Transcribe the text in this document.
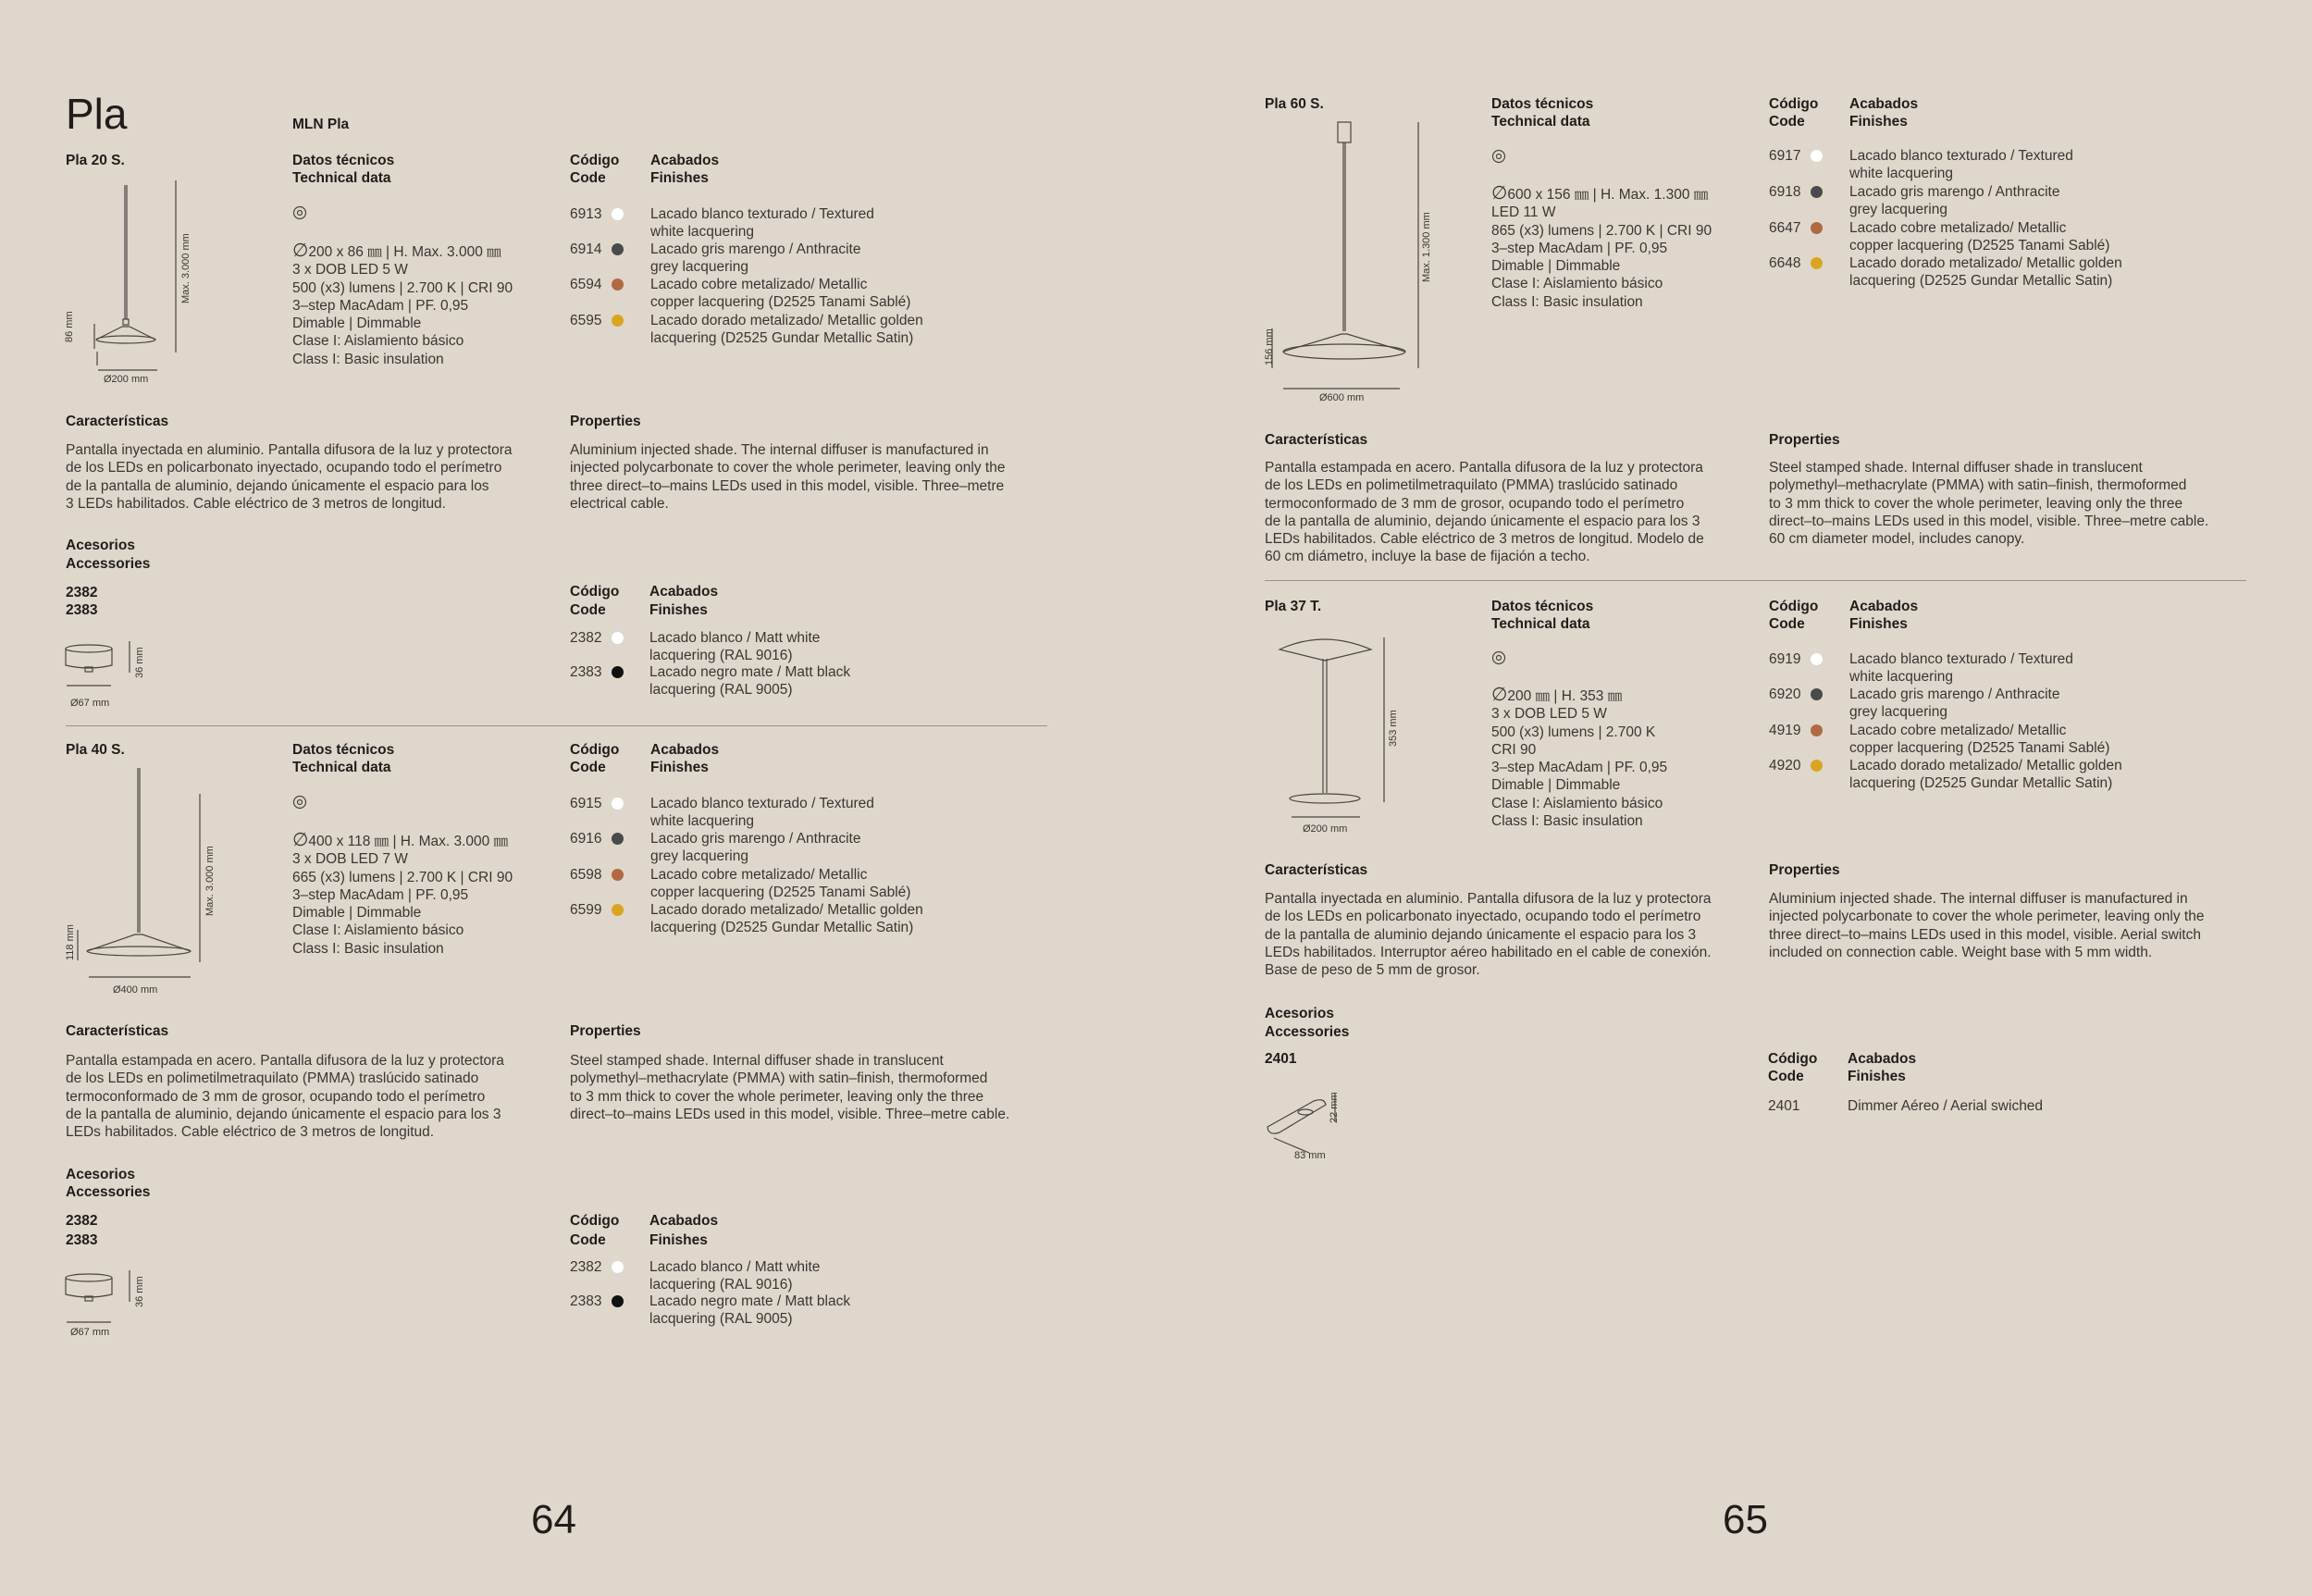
Pla	MLN Pla
Pla 20 S.	Datos técnicos
Technical data
Código
Code
Acabados
Finishes
∅200 x 86 ㎜ | H. Max. 3.000 ㎜
3 x DOB LED 5 W
500 (x3) lumens | 2.700 K | CRI 90
3–step MacAdam | PF. 0,95
Dimable | Dimmable
Clase I: Aislamiento básico
Class I: Basic insulation
6913	Lacado blanco texturado / Textured
white lacquering
6914	Lacado gris marengo / Anthracite
grey lacquering
6594	Lacado cobre metalizado/ Metallic
copper lacquering (D2525 Tanami Sablé)
6595	Lacado dorado metalizado/ Metallic golden
lacquering (D2525 Gundar Metallic Satin)
86 mm
Max. 3.000 mm
Ø200 mm
Características
Pantalla inyectada en aluminio. Pantalla difusora de la luz y protectora
de los LEDs en policarbonato inyectado, ocupando todo el perímetro
de la pantalla de aluminio, dejando únicamente el espacio para los
3 LEDs habilitados. Cable eléctrico de 3 metros de longitud.
Properties
Aluminium injected shade. The internal diffuser is manufactured in
injected polycarbonate to cover the whole perimeter, leaving only the
three direct–to–mains LEDs used in this model, visible. Three–metre
electrical cable.
Acesorios
Accessories
2382
2383
Código
Code
Acabados
Finishes
36 mm
Ø67 mm
2382	Lacado blanco / Matt white
lacquering (RAL 9016)
2383	Lacado negro mate / Matt black
lacquering (RAL 9005)
Pla 40 S.	Datos técnicos
Technical data
Código
Code
Acabados
Finishes
∅400 x 118 ㎜ | H. Max. 3.000 ㎜
3 x DOB LED 7 W
665 (x3) lumens | 2.700 K | CRI 90
3–step MacAdam | PF. 0,95
Dimable | Dimmable
Clase I: Aislamiento básico
Class I: Basic insulation
6915	Lacado blanco texturado / Textured
white lacquering
6916	Lacado gris marengo / Anthracite
grey lacquering
6598	Lacado cobre metalizado/ Metallic
copper lacquering (D2525 Tanami Sablé)
6599	Lacado dorado metalizado/ Metallic golden
lacquering (D2525 Gundar Metallic Satin)
118 mm
Max. 3.000 mm
Ø400 mm
Características
Pantalla estampada en acero. Pantalla difusora de la luz y protectora
de los LEDs en polimetilmetraquilato (PMMA) traslúcido satinado
termoconformado de 3 mm de grosor, ocupando todo el perímetro
de la pantalla de aluminio, dejando únicamente el espacio para los 3
LEDs habilitados. Cable eléctrico de 3 metros de longitud.
Properties
Steel stamped shade. Internal diffuser shade in translucent
polymethyl–methacrylate (PMMA) with satin–finish, thermoformed
to 3 mm thick to cover the whole perimeter, leaving only the three
direct–to–mains LEDs used in this model, visible. Three–metre cable.
Acesorios
Accessories
2382
2383
Código
Code
Acabados
Finishes
36 mm
Ø67 mm
2382	Lacado blanco / Matt white
lacquering (RAL 9016)
2383	Lacado negro mate / Matt black
lacquering (RAL 9005)
64
Pla 60 S.	Datos técnicos
Technical data
Código
Code
Acabados
Finishes
∅600 x 156 ㎜ | H. Max. 1.300 ㎜
LED 11 W
865 (x3) lumens | 2.700 K | CRI 90
3–step MacAdam | PF. 0,95
Dimable | Dimmable
Clase I: Aislamiento básico
Class I: Basic insulation
6917	Lacado blanco texturado / Textured
white lacquering
6918	Lacado gris marengo / Anthracite
grey lacquering
6647	Lacado cobre metalizado/ Metallic
copper lacquering (D2525 Tanami Sablé)
6648	Lacado dorado metalizado/ Metallic golden
lacquering (D2525 Gundar Metallic Satin)
156 mm
Max. 1.300 mm
Ø600 mm
Características
Pantalla estampada en acero. Pantalla difusora de la luz y protectora
de los LEDs en polimetilmetraquilato (PMMA) traslúcido satinado
termoconformado de 3 mm de grosor, ocupando todo el perímetro
de la pantalla de aluminio, dejando únicamente el espacio para los 3
LEDs habilitados. Cable eléctrico de 3 metros de longitud. Modelo de
60 cm diámetro, incluye la base de fijación a techo.
Properties
Steel stamped shade. Internal diffuser shade in translucent
polymethyl–methacrylate (PMMA) with satin–finish, thermoformed
to 3 mm thick to cover the whole perimeter, leaving only the three
direct–to–mains LEDs used in this model, visible. Three–metre cable.
60 cm diameter model, includes canopy.
Pla 37 T.	Datos técnicos
Technical data
Código
Code
Acabados
Finishes
∅200 ㎜ | H. 353 ㎜
3 x DOB LED 5 W
500 (x3) lumens | 2.700 K
CRI 90
3–step MacAdam | PF. 0,95
Dimable | Dimmable
Clase I: Aislamiento básico
Class I: Basic insulation
6919	Lacado blanco texturado / Textured
white lacquering
6920	Lacado gris marengo / Anthracite
grey lacquering
4919	Lacado cobre metalizado/ Metallic
copper lacquering (D2525 Tanami Sablé)
4920	Lacado dorado metalizado/ Metallic golden
lacquering (D2525 Gundar Metallic Satin)
353 mm
Ø200 mm
Características
Pantalla inyectada en aluminio. Pantalla difusora de la luz y protectora
de los LEDs en policarbonato inyectado, ocupando todo el perímetro
de la pantalla de aluminio dejando únicamente el espacio para los 3
LEDs habilitados. Interruptor aéreo habilitado en el cable de conexión.
Base de peso de 5 mm de grosor.
Properties
Aluminium injected shade. The internal diffuser is manufactured in
injected polycarbonate to cover the whole perimeter, leaving only the
three direct–to–mains LEDs used in this model, visible. Aerial switch
included on connection cable. Weight base with 5 mm width.
Acesorios
Accessories
2401	Código
Code
Acabados
Finishes
22 mm
83 mm
2401	Dimmer Aéreo / Aerial swiched
65
